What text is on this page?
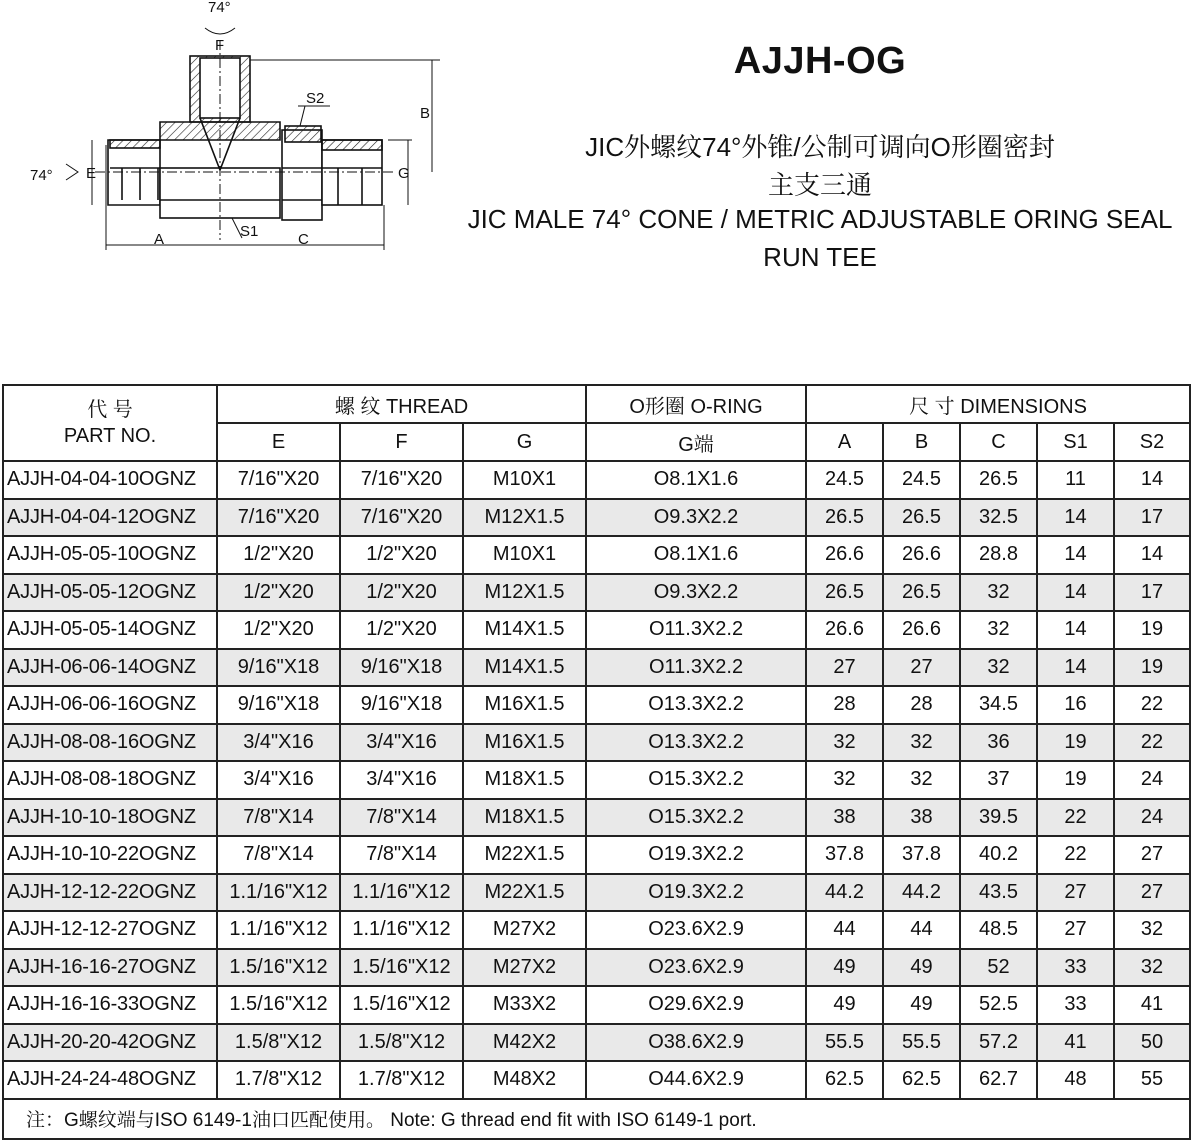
74°
F
S2
B
74° E	G
S1
A	C
AJJH-OG
JIC外螺纹74°外锥/公制可调向O形圈密封
主支三通
JIC MALE 74° CONE / METRIC ADJUSTABLE ORING SEAL
RUN TEE
代 号
PART NO.	螺 纹 THREAD			O形圈 O-RING	尺 寸 DIMENSIONS				
	E	F	G	G端	A	B	C	S1	S2
AJJH-04-04-10OGNZ	7/16"X20	7/16"X20	M10X1	O8.1X1.6	24.5	24.5	26.5	11	14
AJJH-04-04-12OGNZ	7/16"X20	7/16"X20	M12X1.5	O9.3X2.2	26.5	26.5	32.5	14	17
AJJH-05-05-10OGNZ	1/2"X20	1/2"X20	M10X1	O8.1X1.6	26.6	26.6	28.8	14	14
AJJH-05-05-12OGNZ	1/2"X20	1/2"X20	M12X1.5	O9.3X2.2	26.5	26.5	32	14	17
AJJH-05-05-14OGNZ	1/2"X20	1/2"X20	M14X1.5	O11.3X2.2	26.6	26.6	32	14	19
AJJH-06-06-14OGNZ	9/16"X18	9/16"X18	M14X1.5	O11.3X2.2	27	27	32	14	19
AJJH-06-06-16OGNZ	9/16"X18	9/16"X18	M16X1.5	O13.3X2.2	28	28	34.5	16	22
AJJH-08-08-16OGNZ	3/4"X16	3/4"X16	M16X1.5	O13.3X2.2	32	32	36	19	22
AJJH-08-08-18OGNZ	3/4"X16	3/4"X16	M18X1.5	O15.3X2.2	32	32	37	19	24
AJJH-10-10-18OGNZ	7/8"X14	7/8"X14	M18X1.5	O15.3X2.2	38	38	39.5	22	24
AJJH-10-10-22OGNZ	7/8"X14	7/8"X14	M22X1.5	O19.3X2.2	37.8	37.8	40.2	22	27
AJJH-12-12-22OGNZ	1.1/16"X12	1.1/16"X12	M22X1.5	O19.3X2.2	44.2	44.2	43.5	27	27
AJJH-12-12-27OGNZ	1.1/16"X12	1.1/16"X12	M27X2	O23.6X2.9	44	44	48.5	27	32
AJJH-16-16-27OGNZ	1.5/16"X12	1.5/16"X12	M27X2	O23.6X2.9	49	49	52	33	32
AJJH-16-16-33OGNZ	1.5/16"X12	1.5/16"X12	M33X2	O29.6X2.9	49	49	52.5	33	41
AJJH-20-20-42OGNZ	1.5/8"X12	1.5/8"X12	M42X2	O38.6X2.9	55.5	55.5	57.2	41	50
AJJH-24-24-48OGNZ	1.7/8"X12	1.7/8"X12	M48X2	O44.6X2.9	62.5	62.5	62.7	48	55
注：G螺纹端与ISO 6149-1油口匹配使用。 Note: G thread end fit with ISO 6149-1 port.									
